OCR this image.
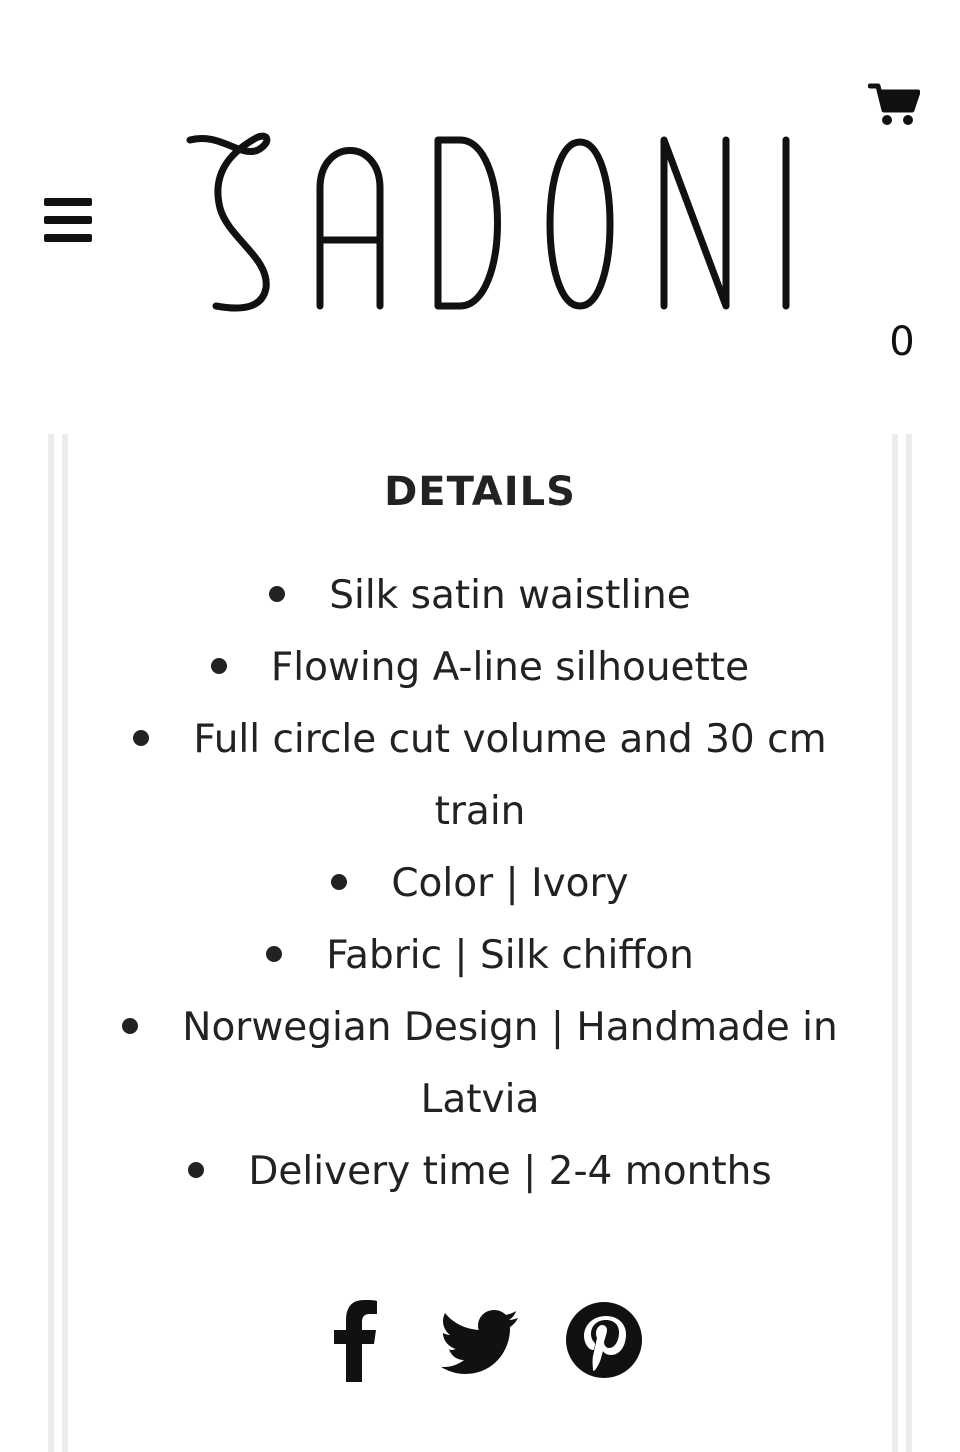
0
DETAILS
Silk satin waistline
Flowing A-line silhouette
Full circle cut volume and 30 cm train
Color | Ivory
Fabric | Silk chiffon
Norwegian Design | Handmade in Latvia
Delivery time | 2-4 months
